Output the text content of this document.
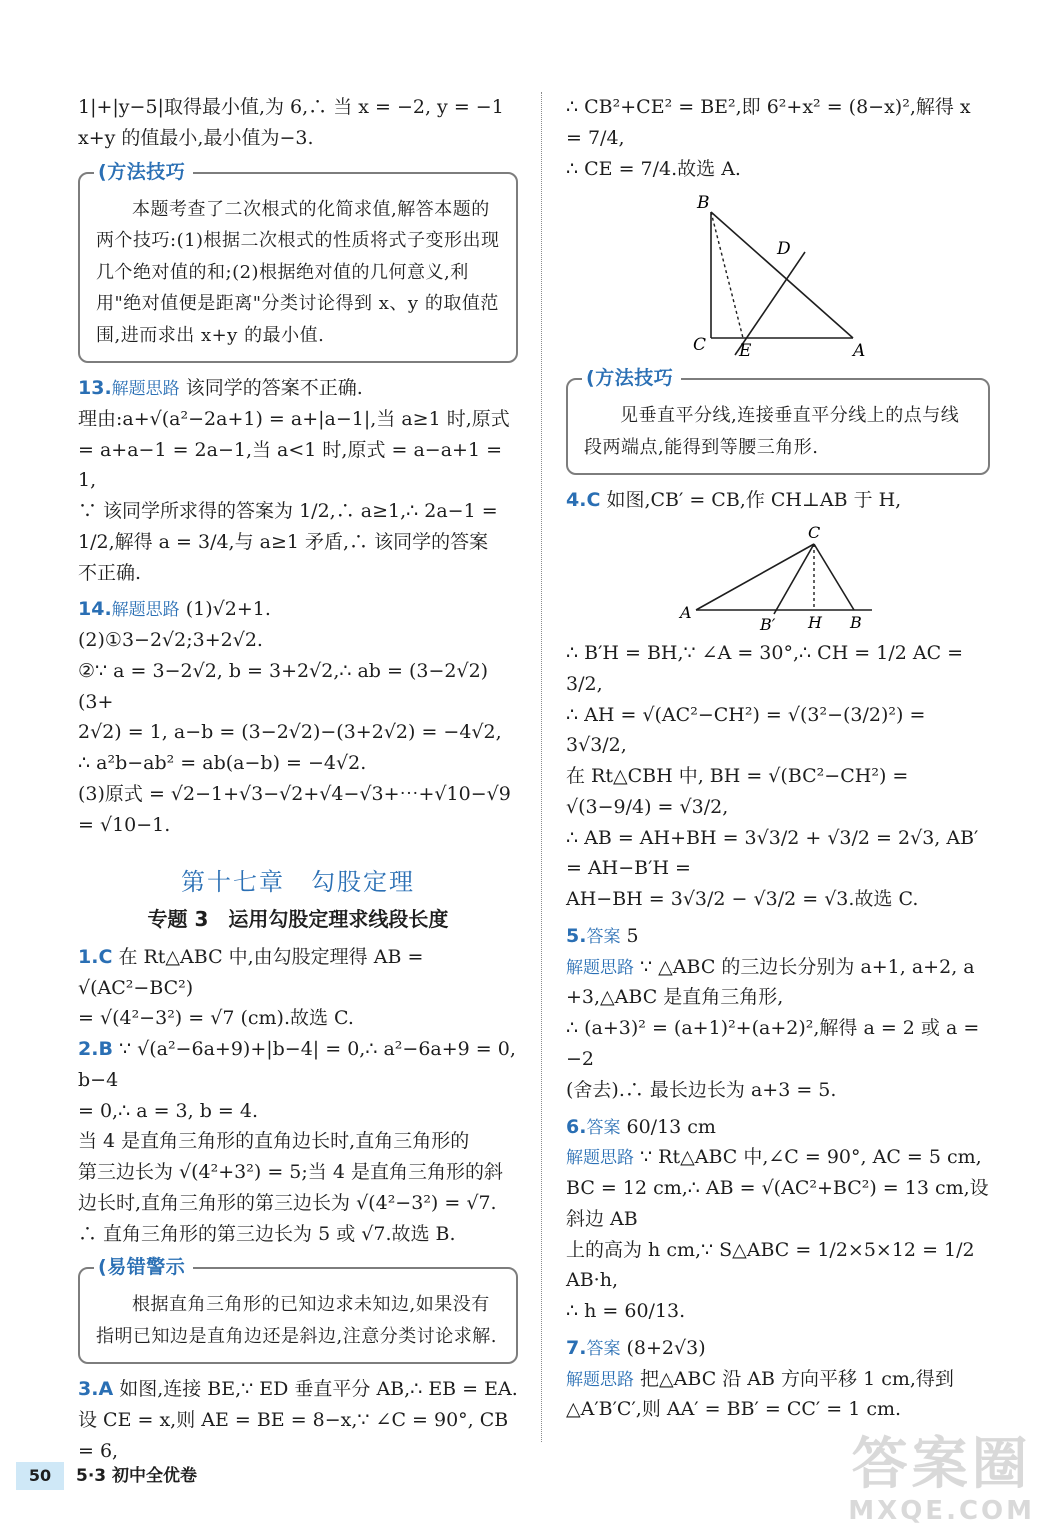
1|+|y−5|取得最小值,为 6,∴ 当 x = −2, y = −1

x+y 的值最小,最小值为−3.

(方法技巧

本题考查了二次根式的化简求值,解答本题的两个技巧:(1)根据二次根式的性质将式子变形出现几个绝对值的和;(2)根据绝对值的几何意义,利用"绝对值便是距离"分类讨论得到 x、y 的取值范围,进而求出 x+y 的最小值.

13.解题思路 该同学的答案不正确.

理由:a+√(a²−2a+1) = a+|a−1|,当 a≥1 时,原式

= a+a−1 = 2a−1,当 a<1 时,原式 = a−a+1 = 1,

∵ 该同学所求得的答案为 1/2,∴ a≥1,∴ 2a−1 =

1/2,解得 a = 3/4,与 a≥1 矛盾,∴ 该同学的答案

不正确.

14.解题思路 (1)√2+1.

(2)①3−2√2;3+2√2.

②∵ a = 3−2√2, b = 3+2√2,∴ ab = (3−2√2)(3+

2√2) = 1, a−b = (3−2√2)−(3+2√2) = −4√2,

∴ a²b−ab² = ab(a−b) = −4√2.

(3)原式 = √2−1+√3−√2+√4−√3+⋯+√10−√9

= √10−1.

第十七章　勾股定理
专题 3　运用勾股定理求线段长度

1.C 在 Rt△ABC 中,由勾股定理得 AB = √(AC²−BC²)

= √(4²−3²) = √7 (cm).故选 C.

2.B ∵ √(a²−6a+9)+|b−4| = 0,∴ a²−6a+9 = 0, b−4

= 0,∴ a = 3, b = 4.

当 4 是直角三角形的直角边长时,直角三角形的

第三边长为 √(4²+3²) = 5;当 4 是直角三角形的斜

边长时,直角三角形的第三边长为 √(4²−3²) = √7.

∴ 直角三角形的第三边长为 5 或 √7.故选 B.

(易错警示

根据直角三角形的已知边求未知边,如果没有指明已知边是直角边还是斜边,注意分类讨论求解.

3.A 如图,连接 BE,∵ ED 垂直平分 AB,∴ EB = EA.

设 CE = x,则 AE = BE = 8−x,∵ ∠C = 90°, CB = 6,

∴ CB²+CE² = BE²,即 6²+x² = (8−x)²,解得 x = 7/4,

∴ CE = 7/4.故选 A.

B
D
C E	A
(方法技巧

见垂直平分线,连接垂直平分线上的点与线段两端点,能得到等腰三角形.

4.C 如图,CB′ = CB,作 CH⊥AB 于 H,

C
A
B′ H B

∴ B′H = BH,∵ ∠A = 30°,∴ CH = 1/2 AC = 3/2,

∴ AH = √(AC²−CH²) = √(3²−(3/2)²) = 3√3/2,

在 Rt△CBH 中, BH = √(BC²−CH²) = √(3−9/4) = √3/2,

∴ AB = AH+BH = 3√3/2 + √3/2 = 2√3, AB′ = AH−B′H =

AH−BH = 3√3/2 − √3/2 = √3.故选 C.

5.答案 5

解题思路 ∵ △ABC 的三边长分别为 a+1, a+2, a

+3,△ABC 是直角三角形,

∴ (a+3)² = (a+1)²+(a+2)²,解得 a = 2 或 a = −2

(舍去).∴ 最长边长为 a+3 = 5.

6.答案 60/13 cm

解题思路 ∵ Rt△ABC 中,∠C = 90°, AC = 5 cm,

BC = 12 cm,∴ AB = √(AC²+BC²) = 13 cm,设斜边 AB

上的高为 h cm,∵ S△ABC = 1/2×5×12 = 1/2 AB·h,

∴ h = 60/13.

7.答案 (8+2√3)

解题思路 把△ABC 沿 AB 方向平移 1 cm,得到

△A′B′C′,则 AA′ = BB′ = CC′ = 1 cm.

50	5·3 初中全优卷	答案圈
MXQE.COM
